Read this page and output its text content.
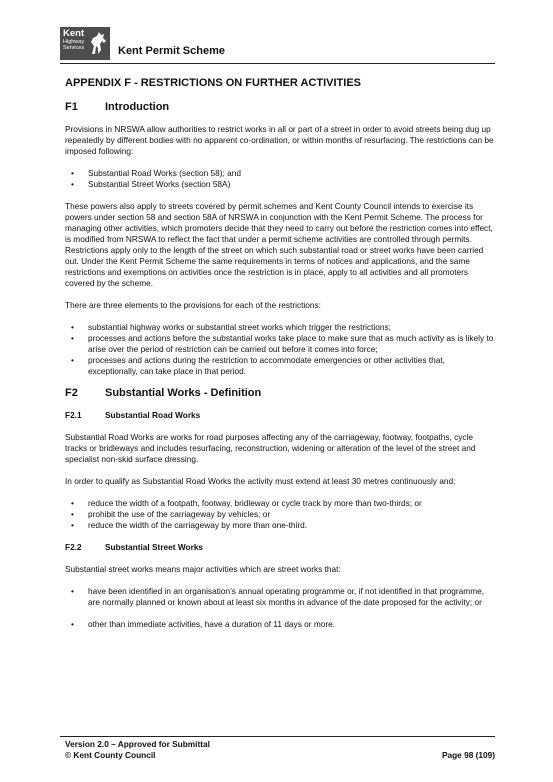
Kent
Highway
Services	Kent Permit Scheme
APPENDIX F - RESTRICTIONS ON FURTHER ACTIVITIES
F1	Introduction

Provisions in NRSWA allow authorities to restrict works in all or part of a street in order to avoid streets being dug up repeatedly by different bodies with no apparent co-ordination, or within months of resurfacing. The restrictions can be imposed following:

• Substantial Road Works (section 58); and
• Substantial Street Works (section 58A)

These powers also apply to streets covered by permit schemes and Kent County Council intends to exercise its powers under section 58 and section 58A of NRSWA in conjunction with the Kent Permit Scheme. The process for managing other activities, which promoters decide that they need to carry out before the restriction comes into effect, is modified from NRSWA to reflect the fact that under a permit scheme activities are controlled through permits. Restrictions apply only to the length of the street on which such substantial road or street works have been carried out. Under the Kent Permit Scheme the same requirements in terms of notices and applications, and the same restrictions and exemptions on activities once the restriction is in place, apply to all activities and all promoters covered by the scheme.

There are three elements to the provisions for each of the restrictions:

• substantial highway works or substantial street works which trigger the restrictions;
• processes and actions before the substantial works take place to make sure that as much activity as is likely to arise over the period of restriction can be carried out before it comes into force;
• processes and actions during the restriction to accommodate emergencies or other activities that, exceptionally, can take place in that period.
F2	Substantial Works - Definition
F2.1	Substantial Road Works

Substantial Road Works are works for road purposes affecting any of the carriageway, footway, footpaths, cycle tracks or bridleways and includes resurfacing, reconstruction, widening or alteration of the level of the street and specialist non-skid surface dressing.

In order to qualify as Substantial Road Works the activity must extend at least 30 metres continuously and:

• reduce the width of a footpath, footway, bridleway or cycle track by more than two-thirds; or
• prohibit the use of the carriageway by vehicles; or
• reduce the width of the carriageway by more than one-third.
F2.2	Substantial Street Works

Substantial street works means major activities which are street works that:

• have been identified in an organisation’s annual operating programme or, if not identified in that programme, are normally planned or known about at least six months in advance of the date proposed for the activity; or
• other than immediate activities, have a duration of 11 days or more.
Version 2.0 – Approved for Submittal
© Kent County Council	Page 98 (109)
